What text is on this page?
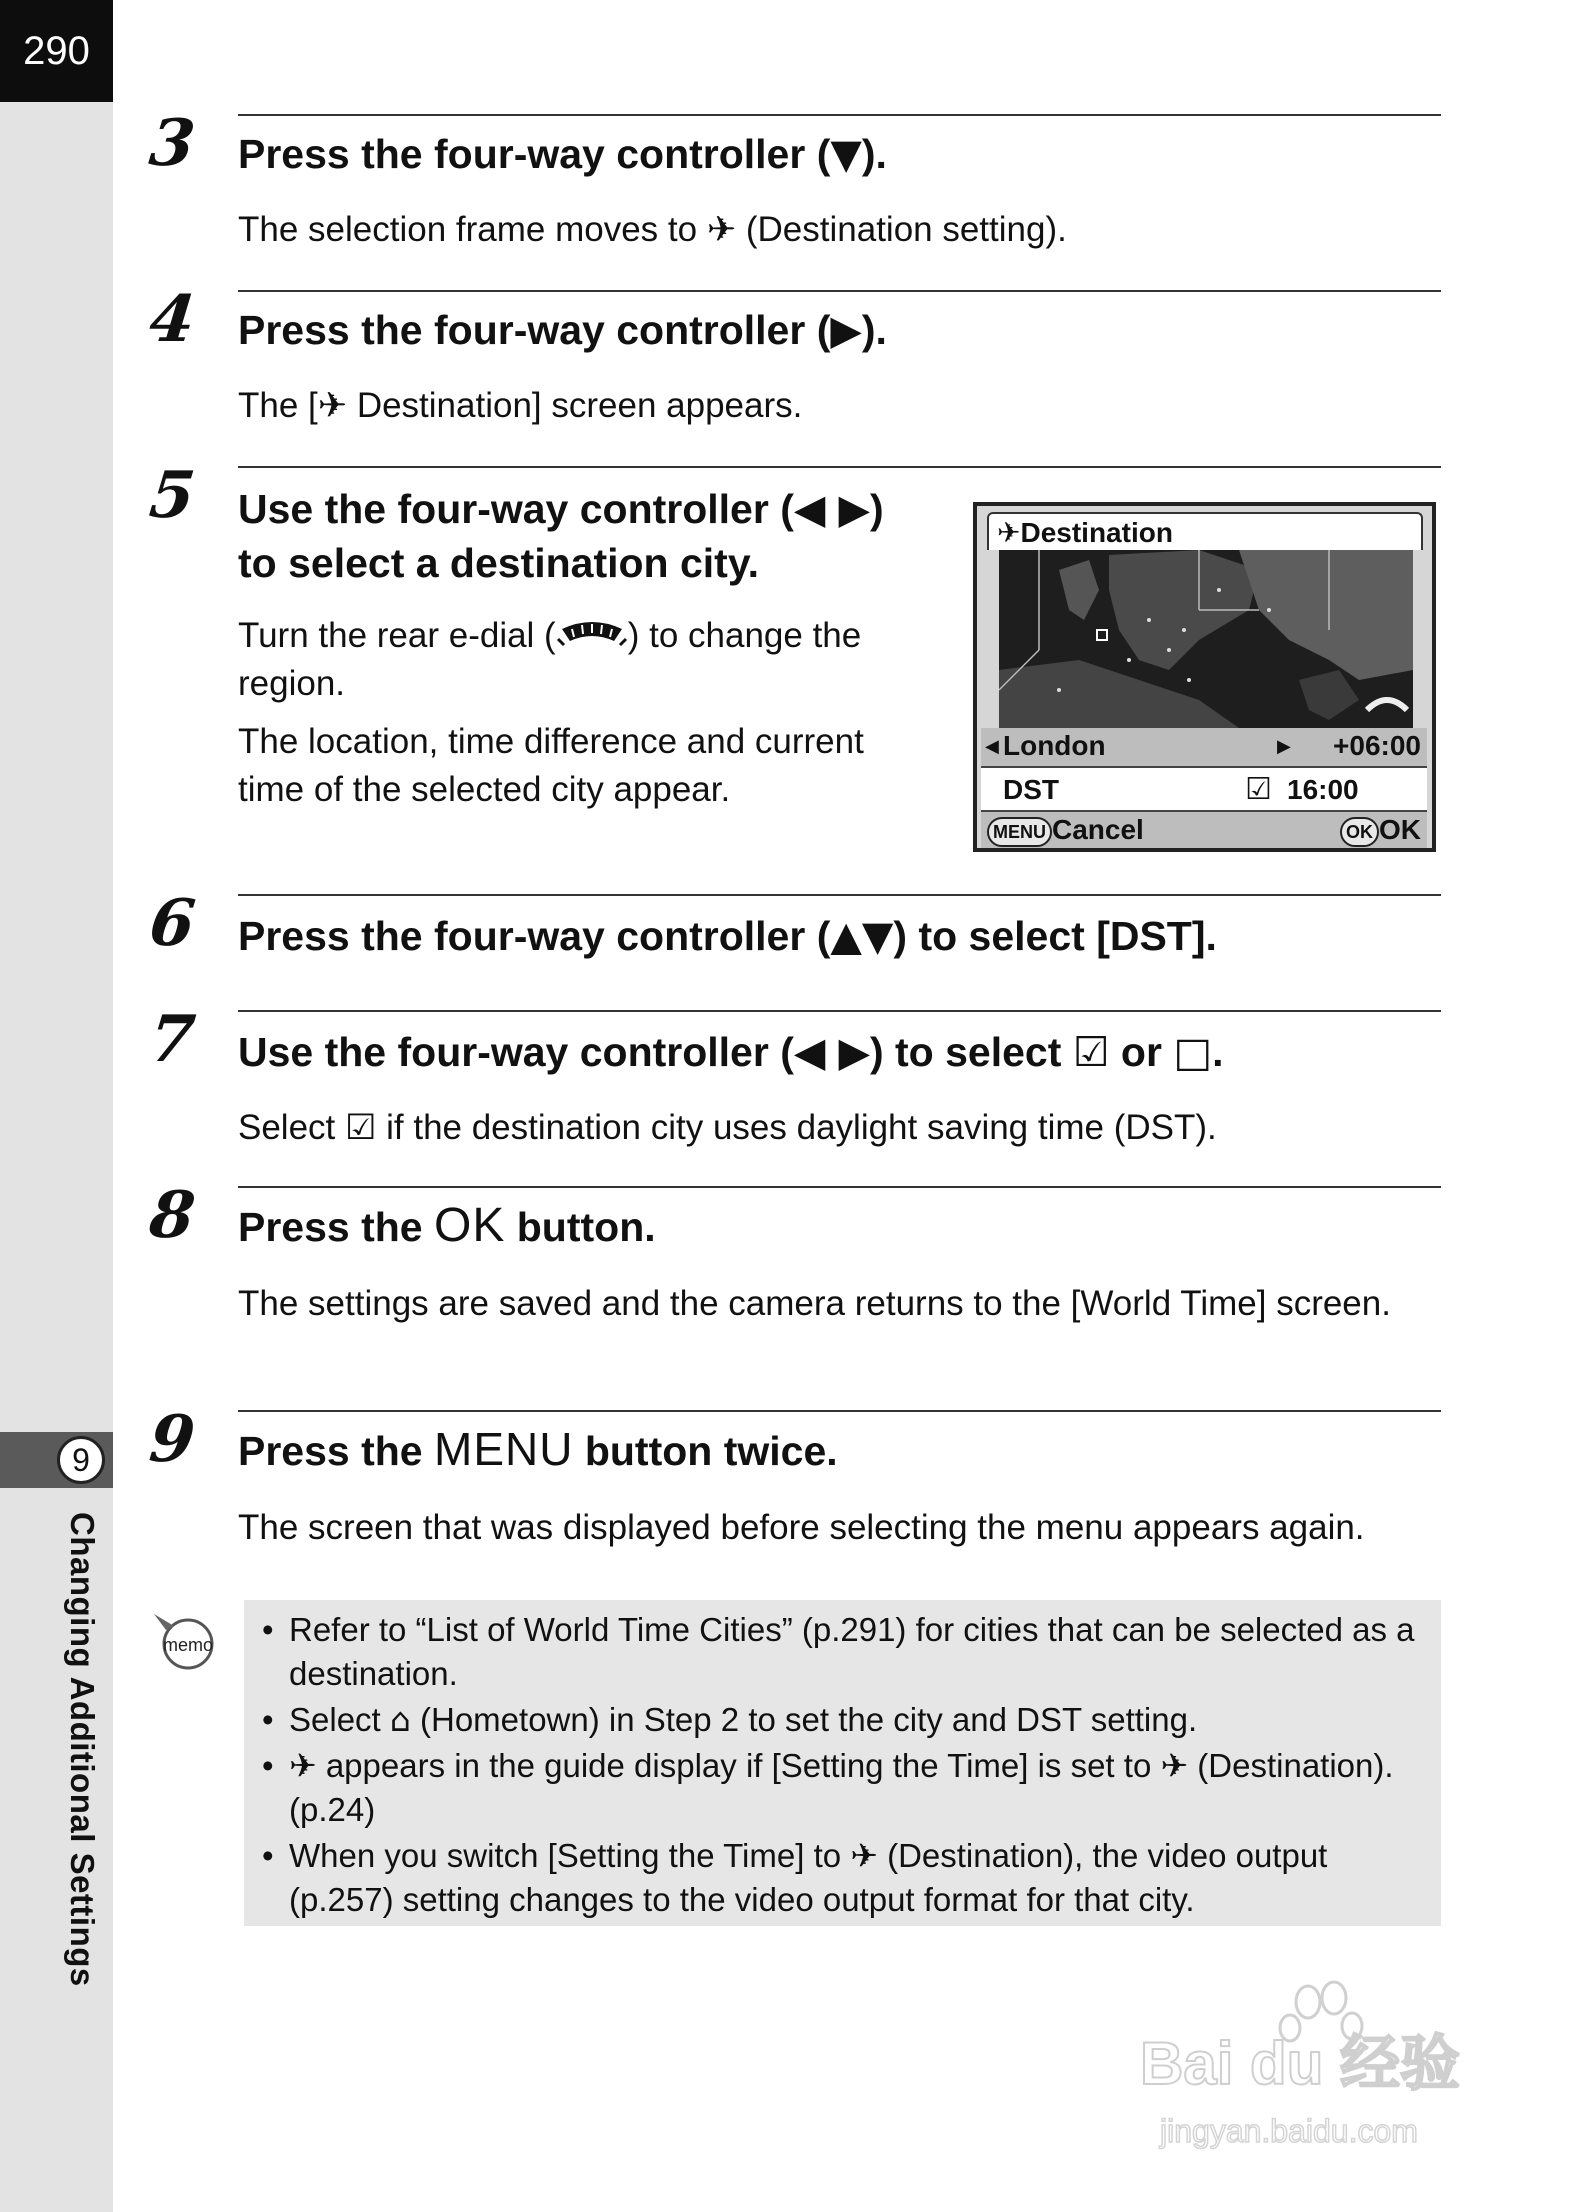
290
9
Changing Additional Settings
3 Press the four-way controller (▼).
The selection frame moves to ✈ (Destination setting).
4 Press the four-way controller (▶).
The [✈ Destination] screen appears.
5 Use the four-way controller (◀ ▶)
to select a destination city.
Turn the rear e-dial ( ) to change the region.
The location, time difference and current time of the selected city appear.
✈Destination
◀ London	▶ +06:00
DST	☑ 16:00
MENU Cancel	OK OK
6 Press the four-way controller (▲▼) to select [DST].
7 Use the four-way controller (◀ ▶) to select ☑ or □.
Select ☑ if the destination city uses daylight saving time (DST).
8 Press the OK button.
The settings are saved and the camera returns to the [World Time] screen.
9 Press the MENU button twice.
The screen that was displayed before selecting the menu appears again.
memo
•	Refer to “List of World Time Cities” (p.291) for cities that can be selected as a destination.
• Select ⌂ (Hometown) in Step 2 to set the city and DST setting.
• ✈ appears in the guide display if [Setting the Time] is set to ✈ (Destination). (p.24)
• When you switch [Setting the Time] to ✈ (Destination), the video output (p.257) setting changes to the video output format for that city.
Bai du 经验
jingyan.baidu.com
